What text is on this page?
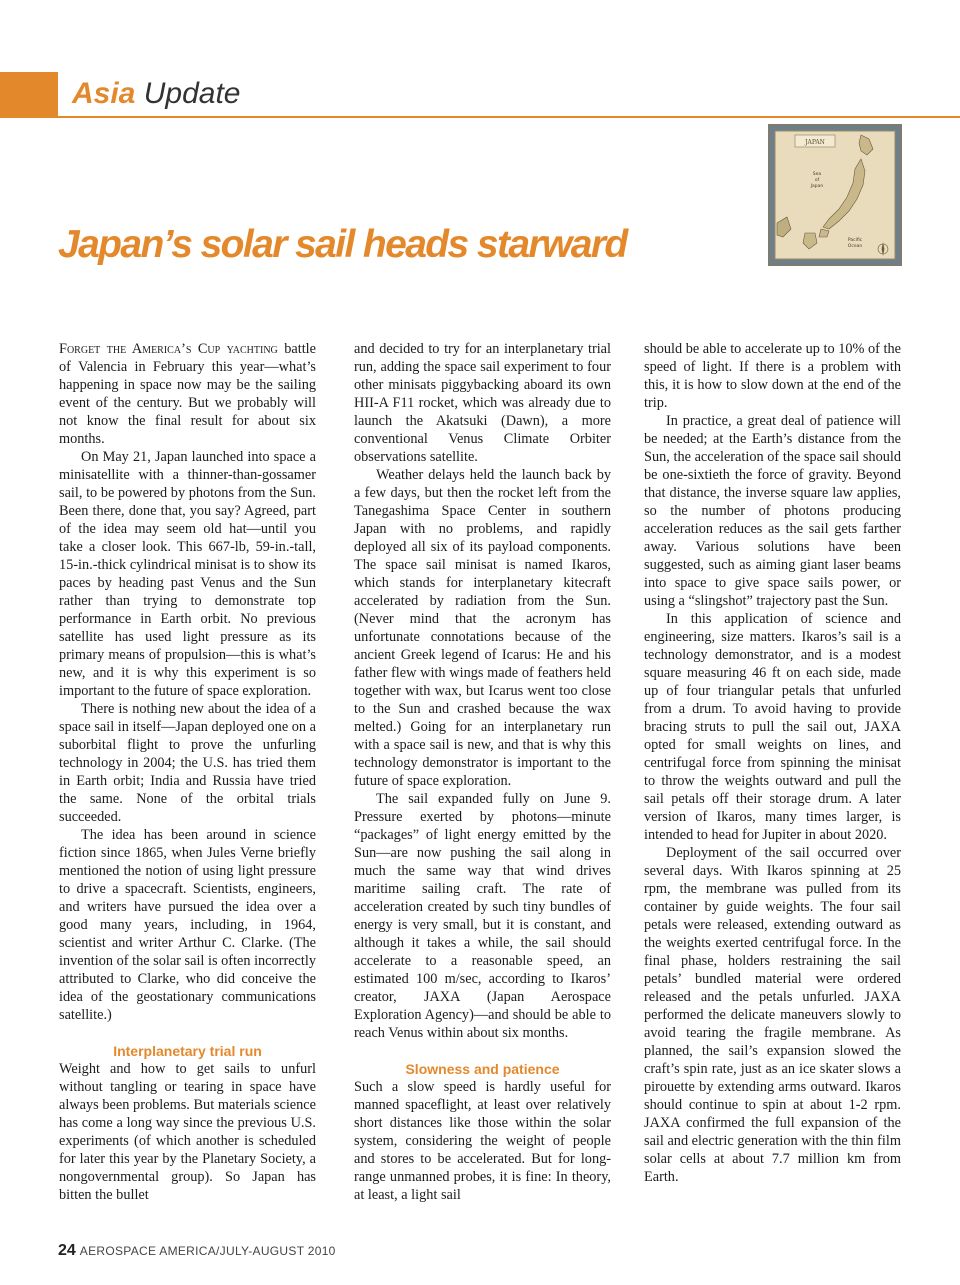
Asia Update
Japan’s solar sail heads starward
JAPAN
Sea
of
Japan
Pacific
Ocean

Forget the America’s Cup yachting battle of Valencia in February this year—what’s happening in space now may be the sailing event of the century. But we probably will not know the final result for about six months.

On May 21, Japan launched into space a minisatellite with a thinner-than-gossamer sail, to be powered by photons from the Sun. Been there, done that, you say? Agreed, part of the idea may seem old hat—until you take a closer look. This 667-lb, 59-in.-tall, 15-in.-thick cylindrical minisat is to show its paces by heading past Venus and the Sun rather than trying to demonstrate top performance in Earth orbit. No previous satellite has used light pressure as its primary means of propulsion—this is what’s new, and it is why this experiment is so important to the future of space exploration.

There is nothing new about the idea of a space sail in itself—Japan deployed one on a suborbital flight to prove the unfurling technology in 2004; the U.S. has tried them in Earth orbit; India and Russia have tried the same. None of the orbital trials succeeded.

The idea has been around in science fiction since 1865, when Jules Verne briefly mentioned the notion of using light pressure to drive a spacecraft. Scientists, engineers, and writers have pursued the idea over a good many years, including, in 1964, scientist and writer Arthur C. Clarke. (The invention of the solar sail is often incorrectly attributed to Clarke, who did conceive the idea of the geostationary communications satellite.)

Interplanetary trial run

Weight and how to get sails to unfurl without tangling or tearing in space have always been problems. But materials science has come a long way since the previous U.S. experiments (of which another is scheduled for later this year by the Planetary Society, a nongovernmental group). So Japan has bitten the bullet

and decided to try for an interplanetary trial run, adding the space sail experiment to four other minisats piggybacking aboard its own HII-A F11 rocket, which was already due to launch the Akatsuki (Dawn), a more conventional Venus Climate Orbiter observations satellite.

Weather delays held the launch back by a few days, but then the rocket left from the Tanegashima Space Center in southern Japan with no problems, and rapidly deployed all six of its payload components. The space sail minisat is named Ikaros, which stands for interplanetary kitecraft accelerated by radiation from the Sun. (Never mind that the acronym has unfortunate connotations because of the ancient Greek legend of Icarus: He and his father flew with wings made of feathers held together with wax, but Icarus went too close to the Sun and crashed because the wax melted.) Going for an interplanetary run with a space sail is new, and that is why this technology demonstrator is important to the future of space exploration.

The sail expanded fully on June 9. Pressure exerted by photons—minute “packages” of light energy emitted by the Sun—are now pushing the sail along in much the same way that wind drives maritime sailing craft. The rate of acceleration created by such tiny bundles of energy is very small, but it is constant, and although it takes a while, the sail should accelerate to a reasonable speed, an estimated 100 m/sec, according to Ikaros’ creator, JAXA (Japan Aerospace Exploration Agency)—and should be able to reach Venus within about six months.

Slowness and patience

Such a slow speed is hardly useful for manned spaceflight, at least over relatively short distances like those within the solar system, considering the weight of people and stores to be accelerated. But for long-range unmanned probes, it is fine: In theory, at least, a light sail

should be able to accelerate up to 10% of the speed of light. If there is a problem with this, it is how to slow down at the end of the trip.

In practice, a great deal of patience will be needed; at the Earth’s distance from the Sun, the acceleration of the space sail should be one-sixtieth the force of gravity. Beyond that distance, the inverse square law applies, so the number of photons producing acceleration reduces as the sail gets farther away. Various solutions have been suggested, such as aiming giant laser beams into space to give space sails power, or using a “slingshot” trajectory past the Sun.

In this application of science and engineering, size matters. Ikaros’s sail is a technology demonstrator, and is a modest square measuring 46 ft on each side, made up of four triangular petals that unfurled from a drum. To avoid having to provide bracing struts to pull the sail out, JAXA opted for small weights on lines, and centrifugal force from spinning the minisat to throw the weights outward and pull the sail petals off their storage drum. A later version of Ikaros, many times larger, is intended to head for Jupiter in about 2020.

Deployment of the sail occurred over several days. With Ikaros spinning at 25 rpm, the membrane was pulled from its container by guide weights. The four sail petals were released, extending outward as the weights exerted centrifugal force. In the final phase, holders restraining the sail petals’ bundled material were ordered released and the petals unfurled. JAXA performed the delicate maneuvers slowly to avoid tearing the fragile membrane. As planned, the sail’s expansion slowed the craft’s spin rate, just as an ice skater slows a pirouette by extending arms outward. Ikaros should continue to spin at about 1-2 rpm. JAXA confirmed the full expansion of the sail and electric generation with the thin film solar cells at about 7.7 million km from Earth.

24 AEROSPACE AMERICA/JULY-AUGUST 2010
